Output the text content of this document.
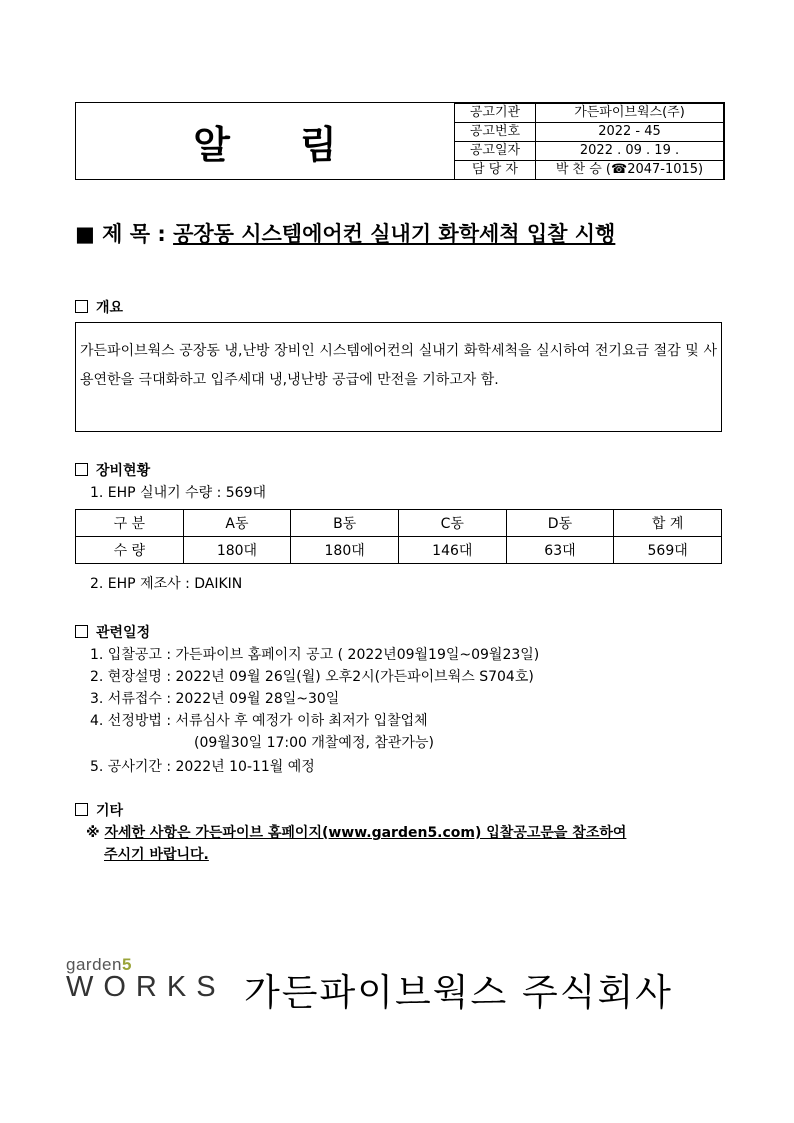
알 림
공고기관	가든파이브웍스(주)
공고번호	2022 - 45
공고일자	2022 . 09 . 19 .
담 당 자	박 찬 승 (☎2047-1015)
■ 제 목 : 공장동 시스템에어컨 실내기 화학세척 입찰 시행
개요
가든파이브웍스 공장동 냉,난방 장비인 시스템에어컨의 실내기 화학세척을 실시하여 전기요금 절감 및 사용연한을 극대화하고 입주세대 냉,냉난방 공급에 만전을 기하고자 함.
장비현황
1. EHP 실내기 수량 : 569대
구 분	A동	B동	C동	D동	합 계
수 량	180대	180대	146대	63대	569대
2. EHP 제조사 : DAIKIN
관련일정
1. 입찰공고 : 가든파이브 홈페이지 공고 ( 2022년09월19일~09월23일)
2. 현장설명 : 2022년 09월 26일(월) 오후2시(가든파이브웍스 S704호)
3. 서류접수 : 2022년 09월 28일~30일
4. 선정방법 : 서류심사 후 예정가 이하 최저가 입찰업체
(09월30일 17:00 개찰예정, 참관가능)
5. 공사기간 : 2022년 10-11월 예정
기타
※ 자세한 사항은 가든파이브 홈페이지(www.garden5.com) 입찰공고문을 참조하여
주시기 바랍니다.
garden5
WORKS 가든파이브웍스 주식회사
